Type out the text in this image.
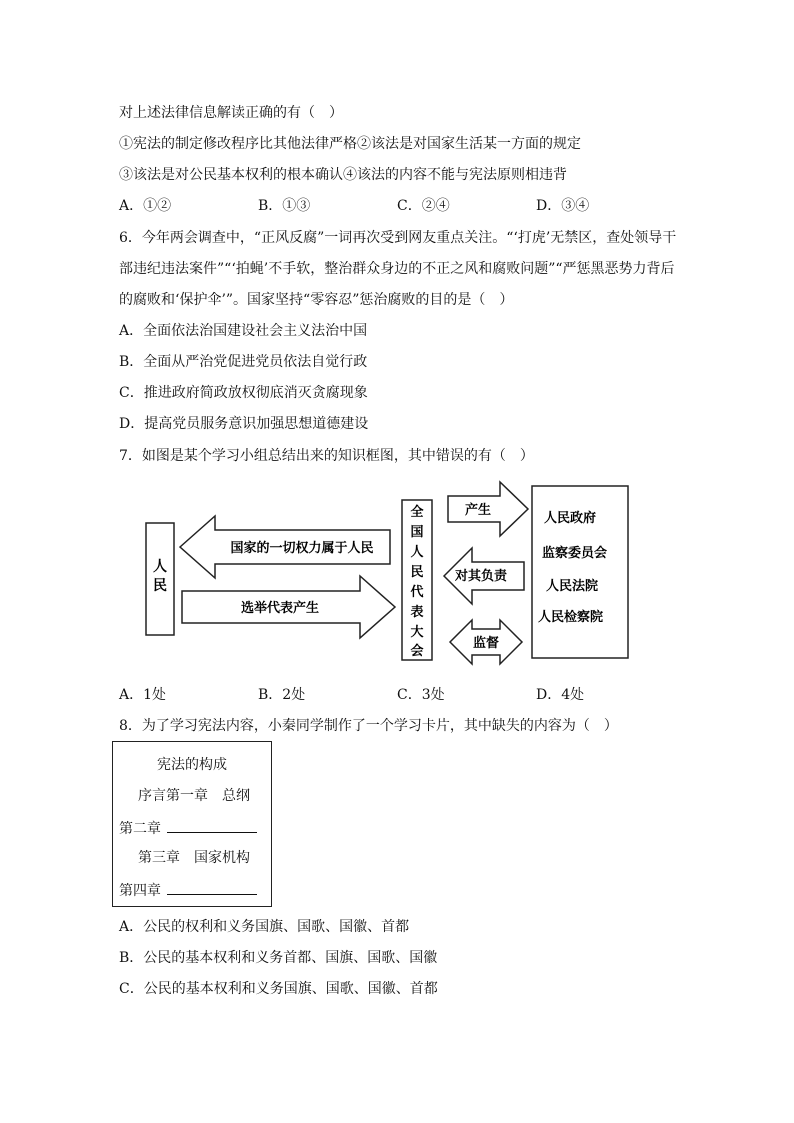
对上述法律信息解读正确的有（　）
①宪法的制定修改程序比其他法律严格②该法是对国家生活某一方面的规定
③该法是对公民基本权利的根本确认④该法的内容不能与宪法原则相违背
A．①②	B．①③	C．②④	D．③④
6．今年两会调查中，“正风反腐”一词再次受到网友重点关注。“‘打虎’无禁区，查处领导干
部违纪违法案件”“‘拍蝇’不手软，整治群众身边的不正之风和腐败问题”“严惩黑恶势力背后
的腐败和‘保护伞’”。国家坚持“零容忍”惩治腐败的目的是（　）
A．全面依法治国建设社会主义法治中国
B．全面从严治党促进党员依法自觉行政
C．推进政府简政放权彻底消灭贪腐现象
D．提高党员服务意识加强思想道德建设
7．如图是某个学习小组总结出来的知识框图，其中错误的有（　）
人
民
国家的一切权力属于人民
选举代表产生
全
国
人
民
代
表
大
会
产生
对其负责
监督
人民政府
监察委员会
人民法院
人民检察院
A．1处	B．2处	C．3处	D．4处
8．为了学习宪法内容，小秦同学制作了一个学习卡片，其中缺失的内容为（　）
宪法的构成
序言第一章　总纲
第二章
第三章　国家机构
第四章
A．公民的权利和义务国旗、国歌、国徽、首都
B．公民的基本权利和义务首都、国旗、国歌、国徽
C．公民的基本权利和义务国旗、国歌、国徽、首都
